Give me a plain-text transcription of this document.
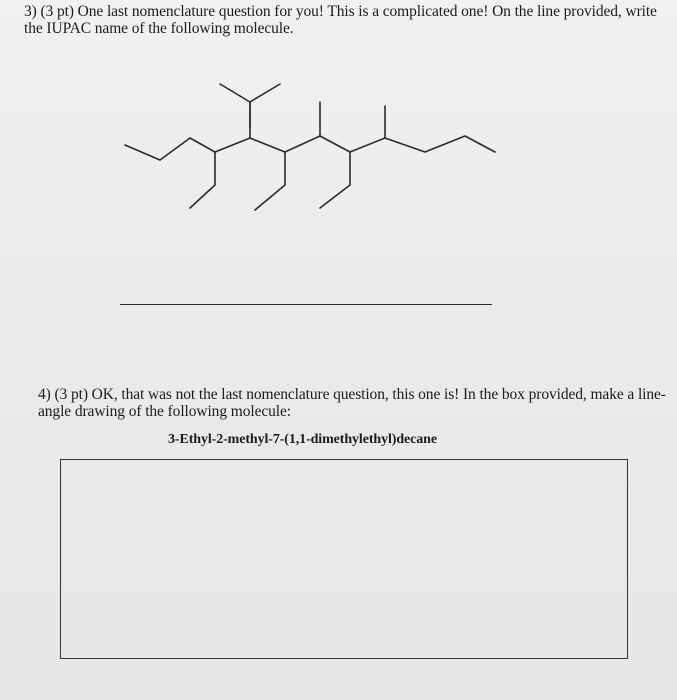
3) (3 pt) One last nomenclature question for you! This is a complicated one! On the line provided, write the IUPAC name of the following molecule.
4) (3 pt) OK, that was not the last nomenclature question, this one is! In the box provided, make a line-angle drawing of the following molecule:
3-Ethyl-2-methyl-7-(1,1-dimethylethyl)decane
